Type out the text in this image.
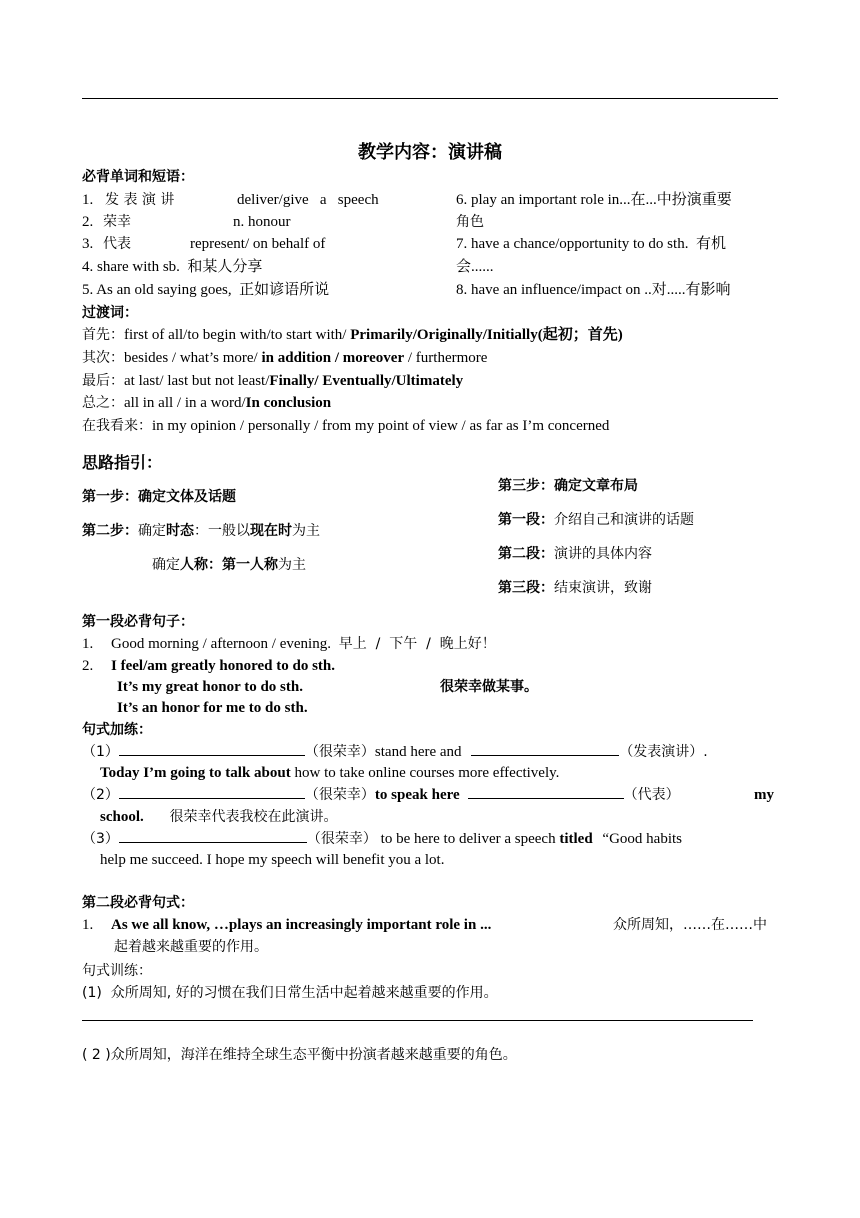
教学内容：演讲稿
必背单词和短语：
1. 发 表 演 讲	deliver/give   a   speech
2. 荣幸	n. honour
3. 代表	represent/ on behalf of
4. share with sb.  和某人分享
5. As an old saying goes,  正如谚语所说
6. play an important role in...在...中扮演重要
角色
7. have a chance/opportunity to do sth.  有机
会......
8. have an influence/impact on ..对.....有影响
过渡词：
首先：first of all/to begin with/to start with/ Primarily/Originally/Initially(起初；首先)
其次：besides / what’s more/ in addition / moreover / furthermore
最后：at last/ last but not least/Finally/ Eventually/Ultimately
总之：all in all / in a word/In conclusion
在我看来：in my opinion / personally / from my point of view / as far as I’m concerned
思路指引：
第一步：确定文体及话题
第二步：确定时态：一般以现在时为主
确定人称：第一人称为主
第三步：确定文章布局
第一段：介绍自己和演讲的话题
第二段：演讲的具体内容
第三段：结束演讲，致谢
第一段必背句子：
1. Good morning / afternoon / evening. 早上  /  下午  /  晚上好！
2. I feel/am greatly honored to do sth.
It’s my great honor to do sth.	很荣幸做某事。
It’s an honor for me to do sth.
句式加练：
（1）	（很荣幸）stand here and	（发表演讲）.
Today I’m going to talk about how to take online courses more effectively.
（2）	（很荣幸）to speak here	（代表）	my
school. 很荣幸代表我校在此演讲。
（3）	（很荣幸） to be here to deliver a speech titled “Good habits
help me succeed. I hope my speech will benefit you a lot.
第二段必背句式：
1. As we all know, …plays an increasingly important role in ...	众所周知，……在……中
起着越来越重要的作用。
句式训练：
(1)  众所周知, 好的习惯在我们日常生活中起着越来越重要的作用。
( 2 )众所周知，海洋在维持全球生态平衡中扮演者越来越重要的角色。
